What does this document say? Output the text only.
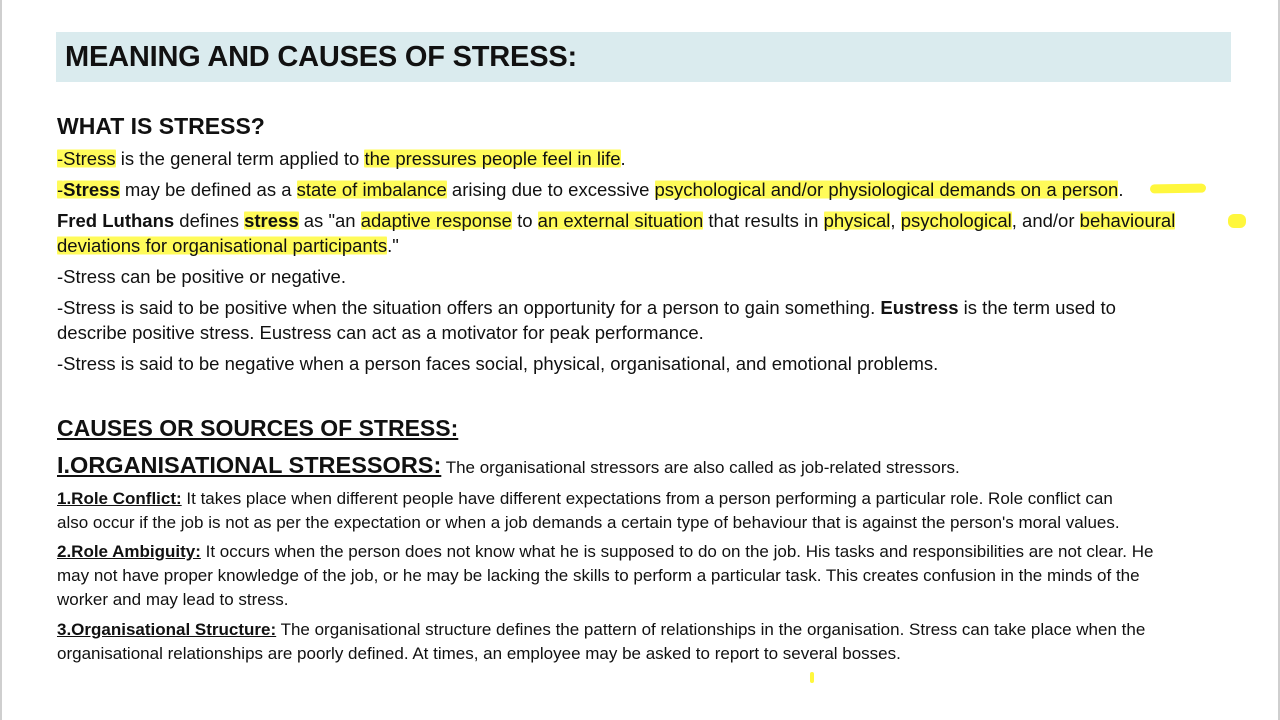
MEANING AND CAUSES OF STRESS:
WHAT IS STRESS?
-Stress is the general term applied to the pressures people feel in life.
-Stress may be defined as a state of imbalance arising due to excessive psychological and/or physiological demands on a person.
Fred Luthans defines stress as "an adaptive response to an external situation that results in physical, psychological, and/or behavioural
deviations for organisational participants."
-Stress can be positive or negative.
-Stress is said to be positive when the situation offers an opportunity for a person to gain something. Eustress is the term used to
describe positive stress. Eustress can act as a motivator for peak performance.
-Stress is said to be negative when a person faces social, physical, organisational, and emotional problems.
CAUSES OR SOURCES OF STRESS:
I.ORGANISATIONAL STRESSORS: The organisational stressors are also called as job-related stressors.
1.Role Conflict: It takes place when different people have different expectations from a person performing a particular role. Role conflict can
also occur if the job is not as per the expectation or when a job demands a certain type of behaviour that is against the person's moral values.
2.Role Ambiguity: It occurs when the person does not know what he is supposed to do on the job. His tasks and responsibilities are not clear. He
may not have proper knowledge of the job, or he may be lacking the skills to perform a particular task. This creates confusion in the minds of the
worker and may lead to stress.
3.Organisational Structure: The organisational structure defines the pattern of relationships in the organisation. Stress can take place when the
organisational relationships are poorly defined. At times, an employee may be asked to report to several bosses.
